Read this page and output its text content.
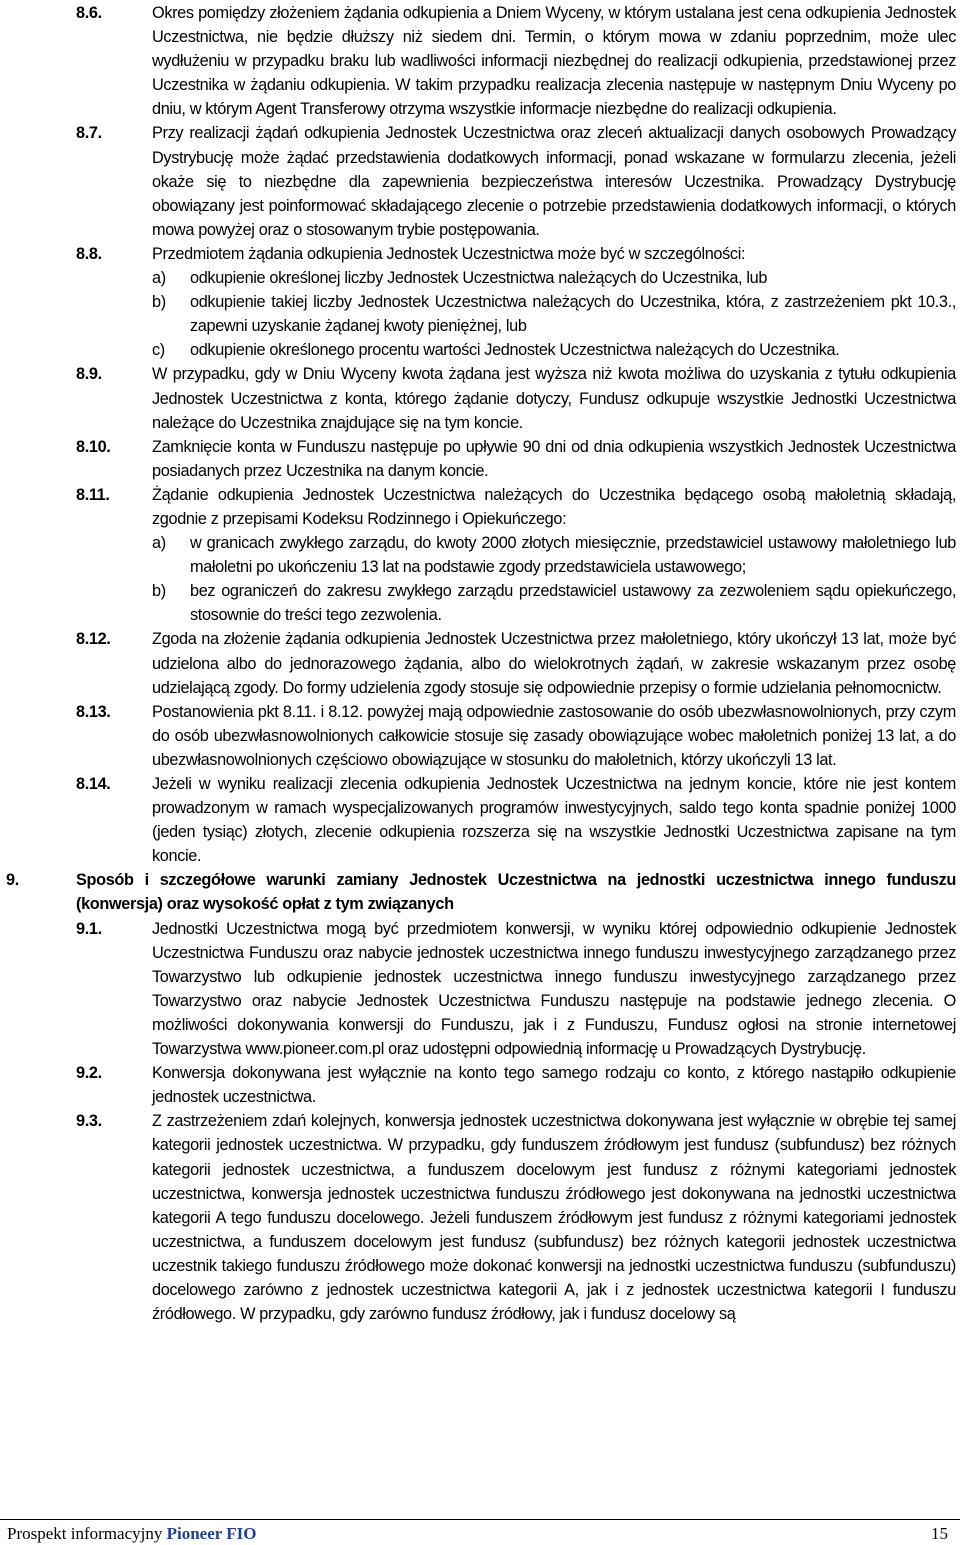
8.6.	Okres pomiędzy złożeniem żądania odkupienia a Dniem Wyceny, w którym ustalana jest cena odkupienia Jednostek Uczestnictwa, nie będzie dłuższy niż siedem dni. Termin, o którym mowa w zdaniu poprzednim, może ulec wydłużeniu w przypadku braku lub wadliwości informacji niezbędnej do realizacji odkupienia, przedstawionej przez Uczestnika w żądaniu odkupienia. W takim przypadku realizacja zlecenia następuje w następnym Dniu Wyceny po dniu, w którym Agent Transferowy otrzyma wszystkie informacje niezbędne do realizacji odkupienia.

8.7.	Przy realizacji żądań odkupienia Jednostek Uczestnictwa oraz zleceń aktualizacji danych osobowych Prowadzący Dystrybucję może żądać przedstawienia dodatkowych informacji, ponad wskazane w formularzu zlecenia, jeżeli okaże się to niezbędne dla zapewnienia bezpieczeństwa interesów Uczestnika. Prowadzący Dystrybucję obowiązany jest poinformować składającego zlecenie o potrzebie przedstawienia dodatkowych informacji, o których mowa powyżej oraz o stosowanym trybie postępowania.

8.8.	Przedmiotem żądania odkupienia Jednostek Uczestnictwa może być w szczególności:

a) odkupienie określonej liczby Jednostek Uczestnictwa należących do Uczestnika, lub
b) odkupienie takiej liczby Jednostek Uczestnictwa należących do Uczestnika, która, z zastrzeżeniem pkt 10.3., zapewni uzyskanie żądanej kwoty pieniężnej, lub
c) odkupienie określonego procentu wartości Jednostek Uczestnictwa należących do Uczestnika.
8.9.	W przypadku, gdy w Dniu Wyceny kwota żądana jest wyższa niż kwota możliwa do uzyskania z tytułu odkupienia Jednostek Uczestnictwa z konta, którego żądanie dotyczy, Fundusz odkupuje wszystkie Jednostki Uczestnictwa należące do Uczestnika znajdujące się na tym koncie.

8.10.	Zamknięcie konta w Funduszu następuje po upływie 90 dni od dnia odkupienia wszystkich Jednostek Uczestnictwa posiadanych przez Uczestnika na danym koncie.

8.11.	Żądanie odkupienia Jednostek Uczestnictwa należących do Uczestnika będącego osobą małoletnią składają, zgodnie z przepisami Kodeksu Rodzinnego i Opiekuńczego:

a) w granicach zwykłego zarządu, do kwoty 2000 złotych miesięcznie, przedstawiciel ustawowy małoletniego lub małoletni po ukończeniu 13 lat na podstawie zgody przedstawiciela ustawowego;
b) bez ograniczeń do zakresu zwykłego zarządu przedstawiciel ustawowy za zezwoleniem sądu opiekuńczego, stosownie do treści tego zezwolenia.
8.12.	Zgoda na złożenie żądania odkupienia Jednostek Uczestnictwa przez małoletniego, który ukończył 13 lat, może być udzielona albo do jednorazowego żądania, albo do wielokrotnych żądań, w zakresie wskazanym przez osobę udzielającą zgody. Do formy udzielenia zgody stosuje się odpowiednie przepisy o formie udzielania pełnomocnictw.

8.13.	Postanowienia pkt 8.11. i 8.12. powyżej mają odpowiednie zastosowanie do osób ubezwłasnowolnionych, przy czym do osób ubezwłasnowolnionych całkowicie stosuje się zasady obowiązujące wobec małoletnich poniżej 13 lat, a do ubezwłasnowolnionych częściowo obowiązujące w stosunku do małoletnich, którzy ukończyli 13 lat.

8.14.	Jeżeli w wyniku realizacji zlecenia odkupienia Jednostek Uczestnictwa na jednym koncie, które nie jest kontem prowadzonym w ramach wyspecjalizowanych programów inwestycyjnych, saldo tego konta spadnie poniżej 1000 (jeden tysiąc) złotych, zlecenie odkupienia rozszerza się na wszystkie Jednostki Uczestnictwa zapisane na tym koncie.

9.	Sposób i szczegółowe warunki zamiany Jednostek Uczestnictwa na jednostki uczestnictwa innego funduszu (konwersja) oraz wysokość opłat z tym związanych
9.1.	Jednostki Uczestnictwa mogą być przedmiotem konwersji, w wyniku której odpowiednio odkupienie Jednostek Uczestnictwa Funduszu oraz nabycie jednostek uczestnictwa innego funduszu inwestycyjnego zarządzanego przez Towarzystwo lub odkupienie jednostek uczestnictwa innego funduszu inwestycyjnego zarządzanego przez Towarzystwo oraz nabycie Jednostek Uczestnictwa Funduszu następuje na podstawie jednego zlecenia. O możliwości dokonywania konwersji do Funduszu, jak i z Funduszu, Fundusz ogłosi na stronie internetowej Towarzystwa www.pioneer.com.pl oraz udostępni odpowiednią informację u Prowadzących Dystrybucję.

9.2.	Konwersja dokonywana jest wyłącznie na konto tego samego rodzaju co konto, z którego nastąpiło odkupienie jednostek uczestnictwa.

9.3.	Z zastrzeżeniem zdań kolejnych, konwersja jednostek uczestnictwa dokonywana jest wyłącznie w obrębie tej samej kategorii jednostek uczestnictwa. W przypadku, gdy funduszem źródłowym jest fundusz (subfundusz) bez różnych kategorii jednostek uczestnictwa, a funduszem docelowym jest fundusz z różnymi kategoriami jednostek uczestnictwa, konwersja jednostek uczestnictwa funduszu źródłowego jest dokonywana na jednostki uczestnictwa kategorii A tego funduszu docelowego. Jeżeli funduszem źródłowym jest fundusz z różnymi kategoriami jednostek uczestnictwa, a funduszem docelowym jest fundusz (subfundusz) bez różnych kategorii jednostek uczestnictwa uczestnik takiego funduszu źródłowego może dokonać konwersji na jednostki uczestnictwa funduszu (subfunduszu) docelowego zarówno z jednostek uczestnictwa kategorii A, jak i z jednostek uczestnictwa kategorii I funduszu źródłowego. W przypadku, gdy zarówno fundusz źródłowy, jak i fundusz docelowy są

Prospekt informacyjny Pioneer FIO	15
